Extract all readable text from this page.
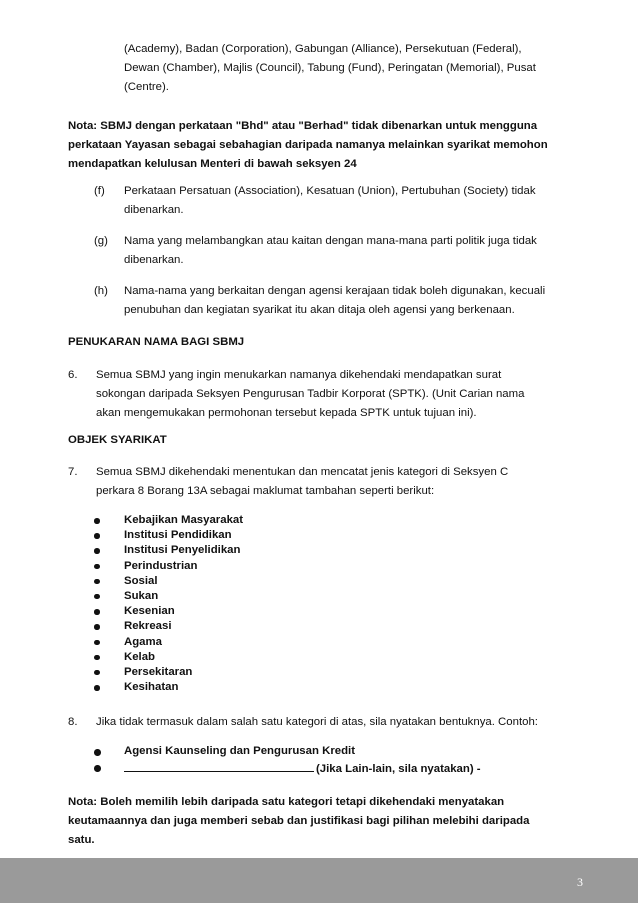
(Academy), Badan (Corporation), Gabungan (Alliance), Persekutuan (Federal),
Dewan (Chamber), Majlis (Council), Tabung (Fund), Peringatan (Memorial), Pusat
(Centre).
Nota: SBMJ dengan perkataan "Bhd" atau "Berhad" tidak dibenarkan untuk mengguna
perkataan Yayasan sebagai sebahagian daripada namanya melainkan syarikat memohon
mendapatkan kelulusan Menteri di bawah seksyen 24
(f) Perkataan Persatuan (Association), Kesatuan (Union), Pertubuhan (Society) tidak
dibenarkan.
(g) Nama yang melambangkan atau kaitan dengan mana-mana parti politik juga tidak
dibenarkan.
(h) Nama-nama yang berkaitan dengan agensi kerajaan tidak boleh digunakan, kecuali
penubuhan dan kegiatan syarikat itu akan ditaja oleh agensi yang berkenaan.
PENUKARAN NAMA BAGI SBMJ
6. Semua SBMJ yang ingin menukarkan namanya dikehendaki mendapatkan surat
sokongan daripada Seksyen Pengurusan Tadbir Korporat (SPTK). (Unit Carian nama
akan mengemukakan permohonan tersebut kepada SPTK untuk tujuan ini).
OBJEK SYARIKAT
7. Semua SBMJ dikehendaki menentukan dan mencatat jenis kategori di Seksyen C
perkara 8 Borang 13A sebagai maklumat tambahan seperti berikut:
Kebajikan Masyarakat
Institusi Pendidikan
Institusi Penyelidikan
Perindustrian
Sosial
Sukan
Kesenian
Rekreasi
Agama
Kelab
Persekitaran
Kesihatan
8. Jika tidak termasuk dalam salah satu kategori di atas, sila nyatakan bentuknya. Contoh:
Agensi Kaunseling dan Pengurusan Kredit
(Jika Lain-lain, sila nyatakan) -
Nota: Boleh memilih lebih daripada satu kategori tetapi dikehendaki menyatakan
keutamaannya dan juga memberi sebab dan justifikasi bagi pilihan melebihi daripada
satu.
3
